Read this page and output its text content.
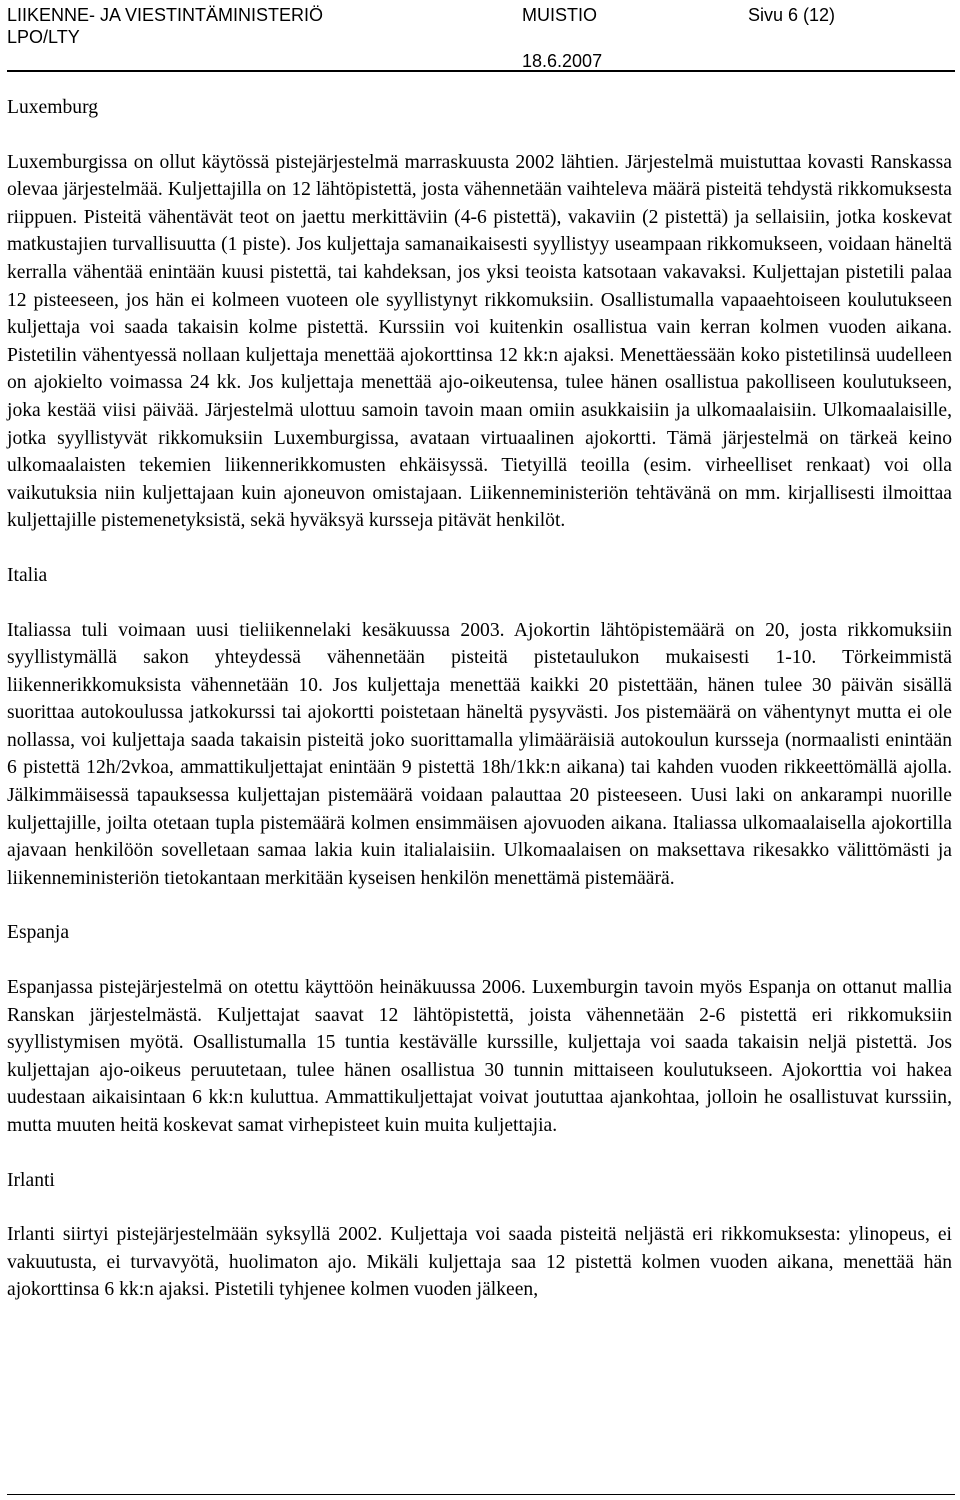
LIIKENNE- JA VIESTINTÄMINISTERIÖ
LPO/LTY
MUISTIO
18.6.2007
Sivu 6 (12)
Luxemburg

Luxemburgissa on ollut käytössä pistejärjestelmä marraskuusta 2002 lähtien. Järjestelmä muistuttaa kovasti Ranskassa olevaa järjestelmää. Kuljettajilla on 12 lähtöpistettä, josta vähennetään vaihteleva määrä pisteitä tehdystä rikkomuksesta riippuen. Pisteitä vähentävät teot on jaettu merkittäviin (4-6 pistettä), vakaviin (2 pistettä) ja sellaisiin, jotka koskevat matkustajien turvallisuutta (1 piste). Jos kuljettaja samanaikaisesti syyllistyy useampaan rikkomukseen, voidaan häneltä kerralla vähentää enintään kuusi pistettä, tai kahdeksan, jos yksi teoista katsotaan vakavaksi. Kuljettajan pistetili palaa 12 pisteeseen, jos hän ei kolmeen vuoteen ole syyllistynyt rikkomuksiin. Osallistumalla vapaaehtoiseen koulutukseen kuljettaja voi saada takaisin kolme pistettä. Kurssiin voi kuitenkin osallistua vain kerran kolmen vuoden aikana. Pistetilin vähentyessä nollaan kuljettaja menettää ajokorttinsa 12 kk:n ajaksi. Menettäessään koko pistetilinsä uudelleen on ajokielto voimassa 24 kk. Jos kuljettaja menettää ajo-oikeutensa, tulee hänen osallistua pakolliseen koulutukseen, joka kestää viisi päivää. Järjestelmä ulottuu samoin tavoin maan omiin asukkaisiin ja ulkomaalaisiin. Ulkomaalaisille, jotka syyllistyvät rikkomuksiin Luxemburgissa, avataan virtuaalinen ajokortti. Tämä järjestelmä on tärkeä keino ulkomaalaisten tekemien liikennerikkomusten ehkäisyssä. Tietyillä teoilla (esim. virheelliset renkaat) voi olla vaikutuksia niin kuljettajaan kuin ajoneuvon omistajaan. Liikenneministeriön tehtävänä on mm. kirjallisesti ilmoittaa kuljettajille pistemenetyksistä, sekä hyväksyä kursseja pitävät henkilöt.

Italia

Italiassa tuli voimaan uusi tieliikennelaki kesäkuussa 2003. Ajokortin lähtöpistemäärä on 20, josta rikkomuksiin syyllistymällä sakon yhteydessä vähennetään pisteitä pistetaulukon mukaisesti 1-10. Törkeimmistä liikennerikkomuksista vähennetään 10. Jos kuljettaja menettää kaikki 20 pistettään, hänen tulee 30 päivän sisällä suorittaa autokoulussa jatkokurssi tai ajokortti poistetaan häneltä pysyvästi. Jos pistemäärä on vähentynyt mutta ei ole nollassa, voi kuljettaja saada takaisin pisteitä joko suorittamalla ylimääräisiä autokoulun kursseja (normaalisti enintään 6 pistettä 12h/2vkoa, ammattikuljettajat enintään 9 pistettä 18h/1kk:n aikana) tai kahden vuoden rikkeettömällä ajolla. Jälkimmäisessä tapauksessa kuljettajan pistemäärä voidaan palauttaa 20 pisteeseen. Uusi laki on ankarampi nuorille kuljettajille, joilta otetaan tupla pistemäärä kolmen ensimmäisen ajovuoden aikana. Italiassa ulkomaalaisella ajokortilla ajavaan henkilöön sovelletaan samaa lakia kuin italialaisiin. Ulkomaalaisen on maksettava rikesakko välittömästi ja liikenneministeriön tietokantaan merkitään kyseisen henkilön menettämä pistemäärä.

Espanja

Espanjassa pistejärjestelmä on otettu käyttöön heinäkuussa 2006. Luxemburgin tavoin myös Espanja on ottanut mallia Ranskan järjestelmästä. Kuljettajat saavat 12 lähtöpistettä, joista vähennetään 2-6 pistettä eri rikkomuksiin syyllistymisen myötä. Osallistumalla 15 tuntia kestävälle kurssille, kuljettaja voi saada takaisin neljä pistettä. Jos kuljettajan ajo-oikeus peruutetaan, tulee hänen osallistua 30 tunnin mittaiseen koulutukseen. Ajokorttia voi hakea uudestaan aikaisintaan 6 kk:n kuluttua. Ammattikuljettajat voivat joututtaa ajankohtaa, jolloin he osallistuvat kurssiin, mutta muuten heitä koskevat samat virhepisteet kuin muita kuljettajia.

Irlanti

Irlanti siirtyi pistejärjestelmään syksyllä 2002. Kuljettaja voi saada pisteitä neljästä eri rikkomuksesta: ylinopeus, ei vakuutusta, ei turvavyötä, huolimaton ajo. Mikäli kuljettaja saa 12 pistettä kolmen vuoden aikana, menettää hän ajokorttinsa 6 kk:n ajaksi. Pistetili tyhjenee kolmen vuoden jälkeen,
